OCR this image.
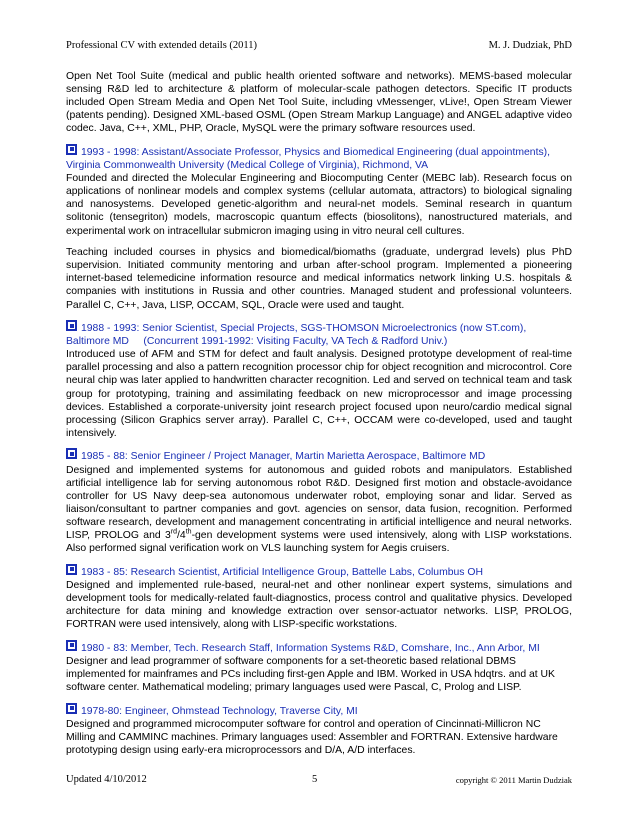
Professional CV with extended details (2011)	M. J. Dudziak, PhD

Open Net Tool Suite (medical and public health oriented software and networks). MEMS-based molecular sensing R&D led to architecture & platform of molecular-scale pathogen detectors. Specific IT products included Open Stream Media and Open Net Tool Suite, including vMessenger, vLive!, Open Stream Viewer (patents pending). Designed XML-based OSML (Open Stream Markup Language) and ANGEL adaptive video codec. Java, C++, XML, PHP, Oracle, MySQL were the primary software resources used.

1993 - 1998: Assistant/Associate Professor, Physics and Biomedical Engineering (dual appointments),
Virginia Commonwealth University (Medical College of Virginia), Richmond, VA

Founded and directed the Molecular Engineering and Biocomputing Center (MEBC lab). Research focus on applications of nonlinear models and complex systems (cellular automata, attractors) to biological signaling and nanosystems. Developed genetic-algorithm and neural-net models. Seminal research in quantum solitonic (tensegriton) models, macroscopic quantum effects (biosolitons), nanostructured materials, and experimental work on intracellular submicron imaging using in vitro neural cell cultures.

Teaching included courses in physics and biomedical/biomaths (graduate, undergrad levels) plus PhD supervision. Initiated community mentoring and urban after-school program. Implemented a pioneering internet-based telemedicine information resource and medical informatics network linking U.S. hospitals & companies with institutions in Russia and other countries. Managed student and professional volunteers. Parallel C, C++, Java, LISP, OCCAM, SQL, Oracle were used and taught.

1988 - 1993: Senior Scientist, Special Projects, SGS-THOMSON Microelectronics (now ST.com),
Baltimore MD     (Concurrent 1991-1992: Visiting Faculty, VA Tech & Radford Univ.)

Introduced use of AFM and STM for defect and fault analysis. Designed prototype development of real-time parallel processing and also a pattern recognition processor chip for object recognition and microcontrol. Core neural chip was later applied to handwritten character recognition. Led and served on technical team and task group for prototyping, training and assimilating feedback on new microprocessor and image processing devices. Established a corporate-university joint research project focused upon neuro/cardio medical signal processing (Silicon Graphics server array). Parallel C, C++, OCCAM were co-developed, used and taught intensively.

1985 - 88: Senior Engineer / Project Manager, Martin Marietta Aerospace, Baltimore MD

Designed and implemented systems for autonomous and guided robots and manipulators. Established artificial intelligence lab for serving autonomous robot R&D. Designed first motion and obstacle-avoidance controller for US Navy deep-sea autonomous underwater robot, employing sonar and lidar. Served as liaison/consultant to partner companies and govt. agencies on sensor, data fusion, recognition. Performed software research, development and management concentrating in artificial intelligence and neural networks. LISP, PROLOG and 3rd/4th-gen development systems were used intensively, along with LISP workstations. Also performed signal verification work on VLS launching system for Aegis cruisers.

1983 - 85: Research Scientist, Artificial Intelligence Group, Battelle Labs, Columbus OH

Designed and implemented rule-based, neural-net and other nonlinear expert systems, simulations and development tools for medically-related fault-diagnostics, process control and qualitative physics. Developed architecture for data mining and knowledge extraction over sensor-actuator networks. LISP, PROLOG, FORTRAN were used intensively, along with LISP-specific workstations.

1980 - 83: Member, Tech. Research Staff, Information Systems R&D, Comshare, Inc., Ann Arbor, MI

Designer and lead programmer of software components for a set-theoretic based relational DBMS implemented for mainframes and PCs including first-gen Apple and IBM. Worked in USA hdqtrs. and at UK software center. Mathematical modeling; primary languages used were Pascal, C, Prolog and LISP.

1978-80: Engineer, Ohmstead Technology, Traverse City, MI

Designed and programmed microcomputer software for control and operation of Cincinnati-Millicron NC Milling and CAMMINC machines. Primary languages used: Assembler and FORTRAN. Extensive hardware prototyping design using early-era microprocessors and D/A, A/D interfaces.

Updated 4/10/2012	5	copyright © 2011 Martin Dudziak
